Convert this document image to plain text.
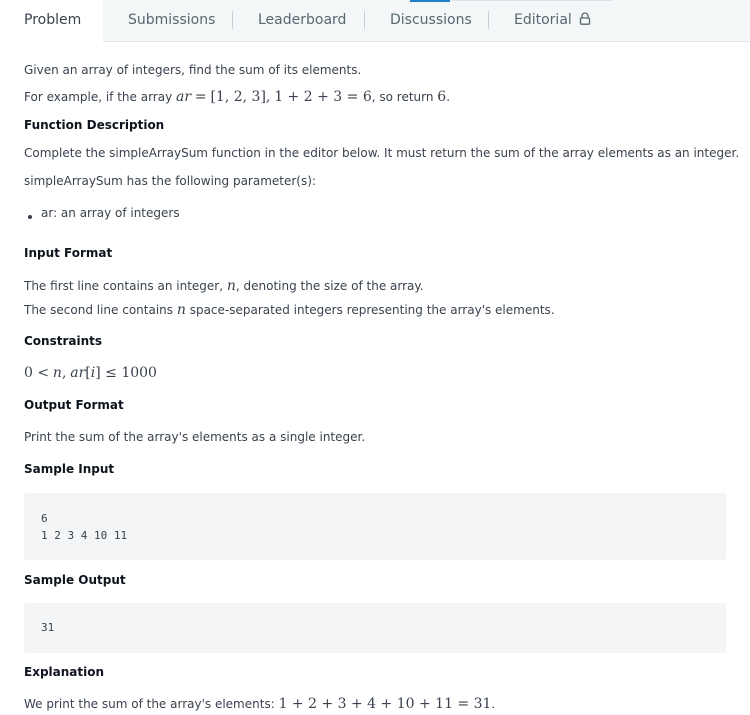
Problem	Submissions	Leaderboard	Discussions	Editorial
Given an array of integers, find the sum of its elements.
For example, if the array ar = [1, 2, 3], 1 + 2 + 3 = 6, so return 6.
Function Description
Complete the simpleArraySum function in the editor below. It must return the sum of the array elements as an integer.
simpleArraySum has the following parameter(s):
ar: an array of integers
Input Format
The first line contains an integer, n, denoting the size of the array.
The second line contains n space-separated integers representing the array's elements.
Constraints
0 < n, ar[i] ≤ 1000
Output Format
Print the sum of the array's elements as a single integer.
Sample Input
6
1 2 3 4 10 11
Sample Output
31
Explanation
We print the sum of the array's elements: 1 + 2 + 3 + 4 + 10 + 11 = 31.
